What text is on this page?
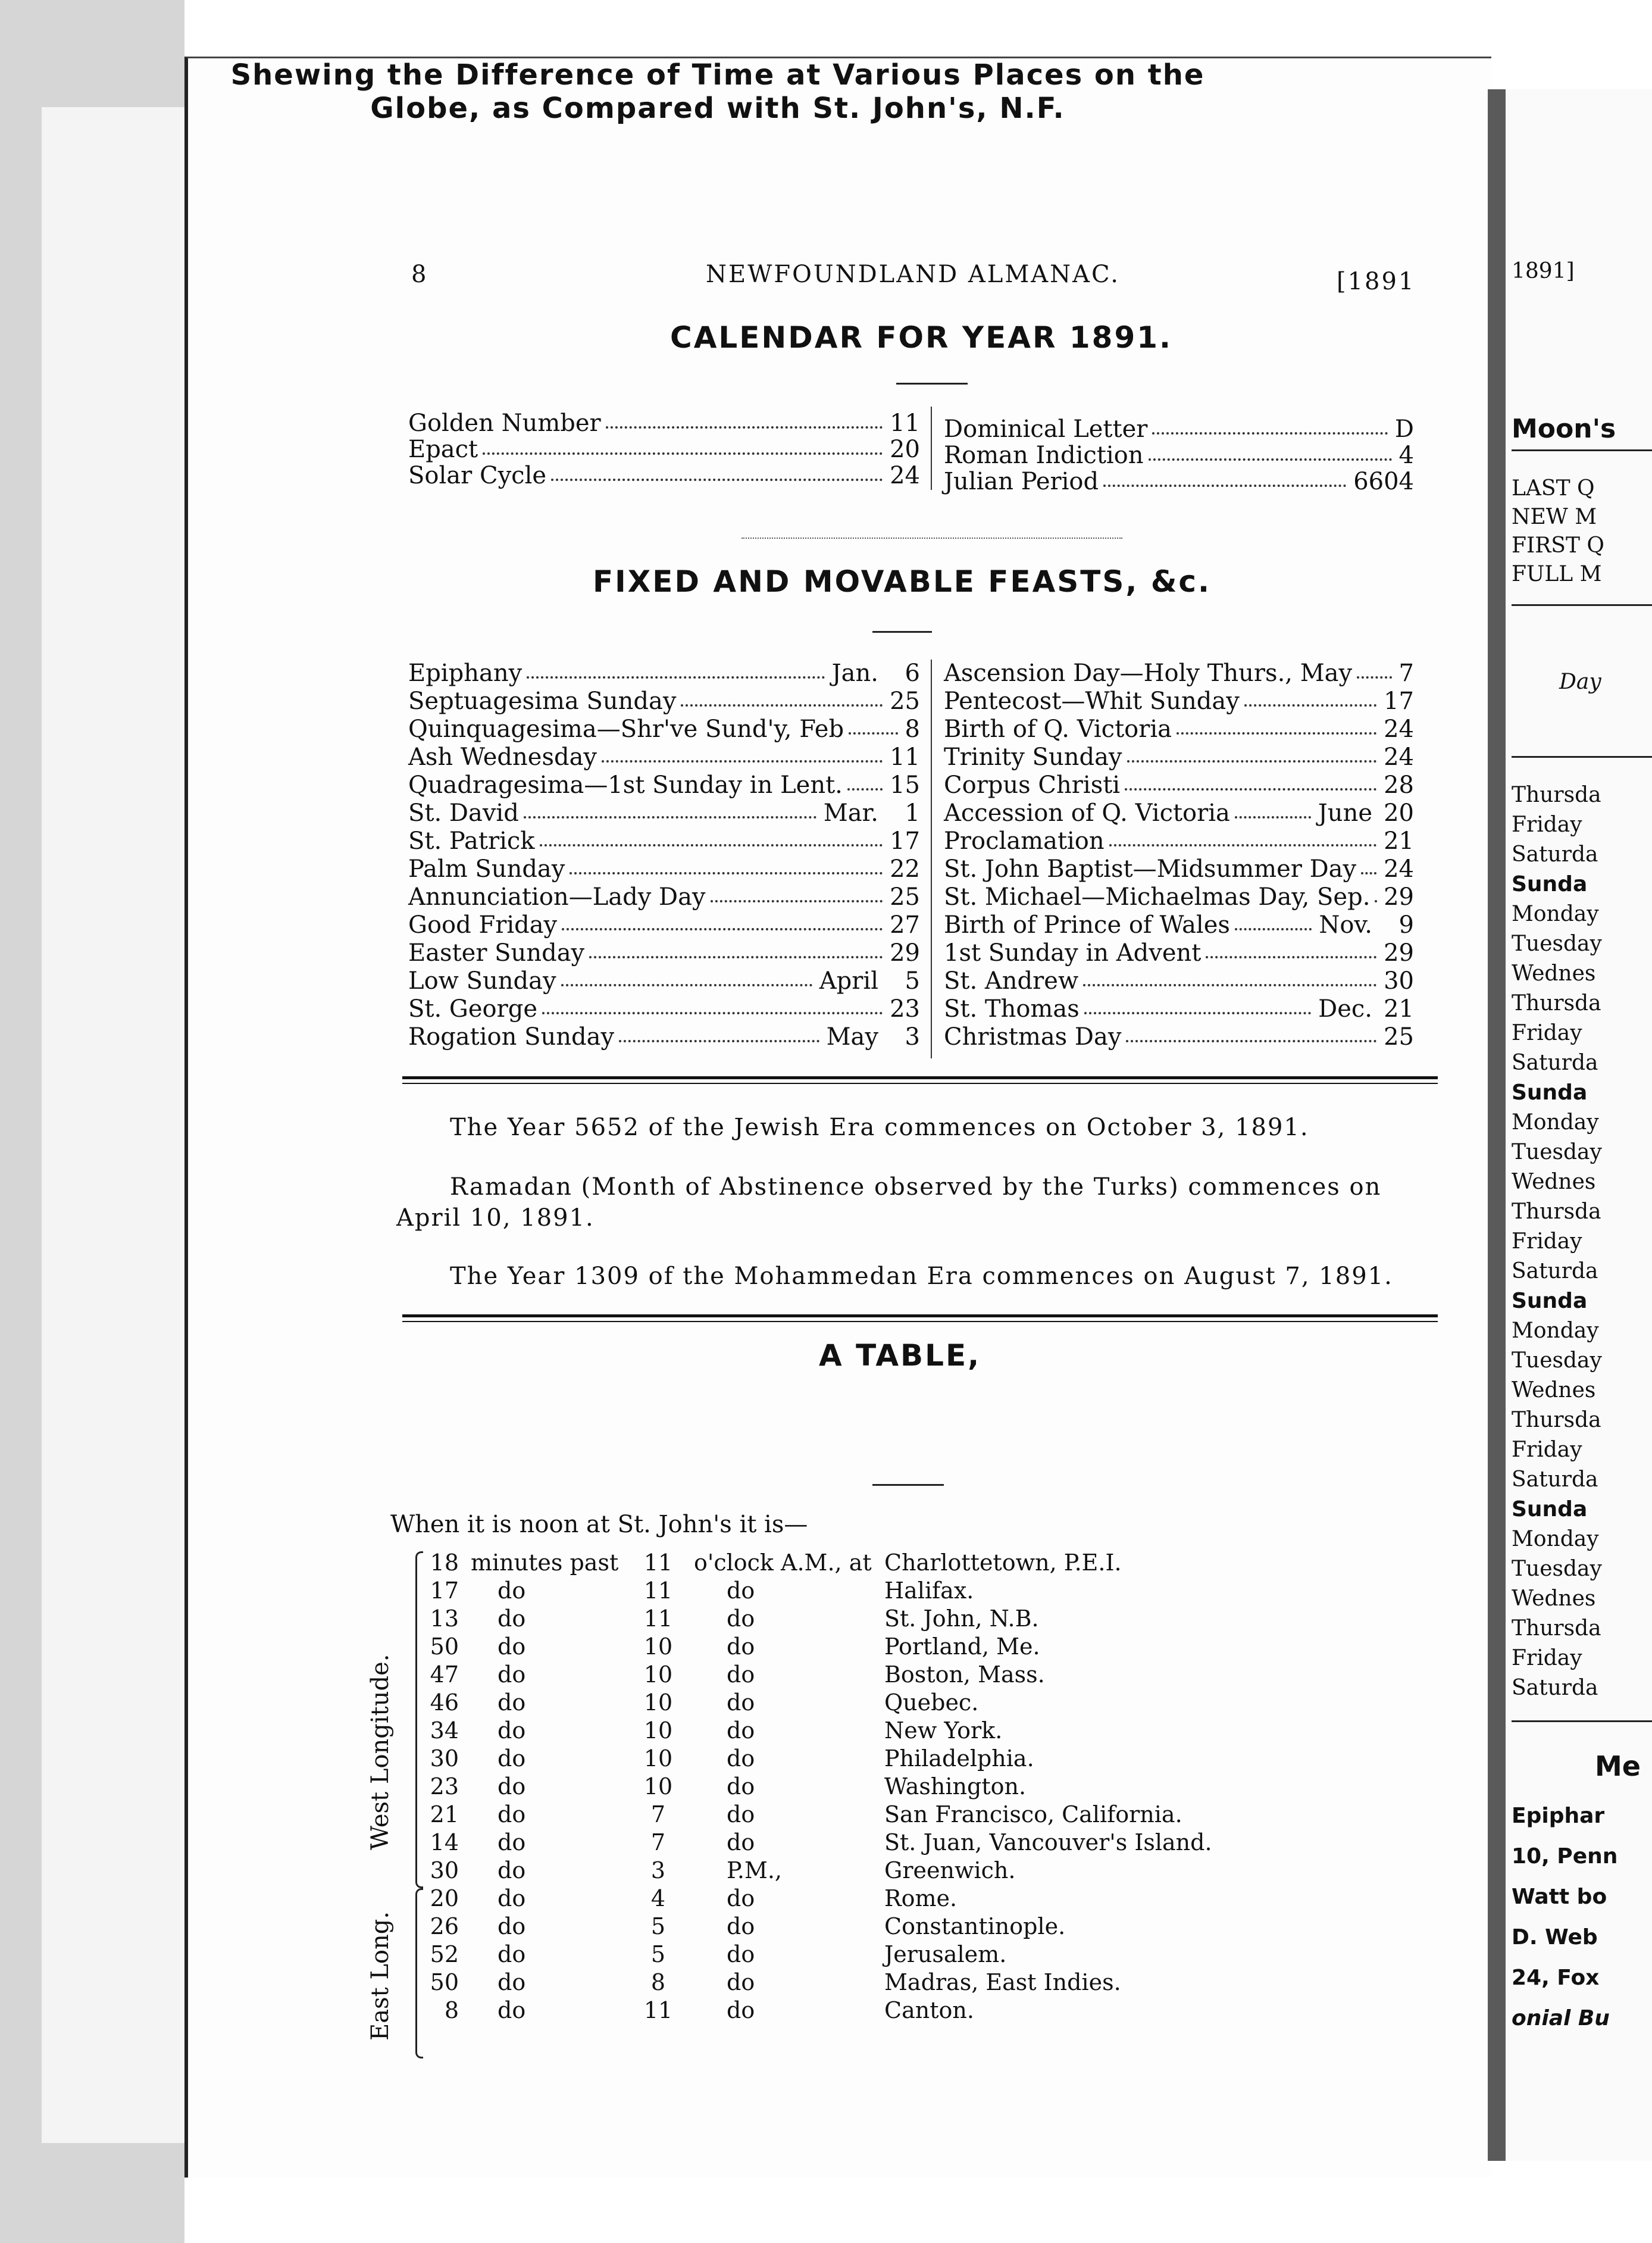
8	NEWFOUNDLAND ALMANAC.	[1891
CALENDAR FOR YEAR 1891.
Golden Number	11
Epact	20
Solar Cycle	24
Dominical Letter	D
Roman Indiction	4
Julian Period	6604
FIXED AND MOVABLE FEASTS, &c.
Epiphany	Jan. 6
Septuagesima Sunday	25
Quinquagesima—Shr've Sund'y, Feb	8
Ash Wednesday	11
Quadragesima—1st Sunday in Lent. 15
St. David	Mar. 1
St. Patrick	17
Palm Sunday	22
Annunciation—Lady Day	25
Good Friday	27
Easter Sunday	29
Low Sunday	April 5
St. George	23
Rogation Sunday	May 3
Ascension Day—Holy Thurs., May 7
Pentecost—Whit Sunday	17
Birth of Q. Victoria	24
Trinity Sunday	24
Corpus Christi	28
Accession of Q. Victoria	June 20
Proclamation	21
St. John Baptist—Midsummer Day 24
St. Michael—Michaelmas Day, Sep. 29
Birth of Prince of Wales	Nov. 9
1st Sunday in Advent	29
St. Andrew	30
St. Thomas	Dec. 21
Christmas Day	25
The Year 5652 of the Jewish Era commences on October 3, 1891.
Ramadan (Month of Abstinence observed by the Turks) commences on
April 10, 1891.
The Year 1309 of the Mohammedan Era commences on August 7, 1891.
A TABLE,
Shewing the Difference of Time at Various Places on the Globe, as Compared with St. John's, N.F.
When it is noon at St. John's it is—
West Longitude.
East Long.
18 minutes past 11 o'clock A.M., at Charlottetown, P.E.I.
17 do	11 do	Halifax.
13 do	11 do	St. John, N.B.
50 do	10 do	Portland, Me.
47 do	10 do	Boston, Mass.
46 do	10 do	Quebec.
34 do	10 do	New York.
30 do	10 do	Philadelphia.
23 do	10 do	Washington.
21 do	7	do	San Francisco, California.
14 do	7	do	St. Juan, Vancouver's Island.
30 do	3	P.M.,	Greenwich.
20 do	4	do	Rome.
26 do	5	do	Constantinople.
52 do	5	do	Jerusalem.
50 do	8	do	Madras, East Indies.
8 do	11 do	Canton.
1891]
Moon's
LAST Q
NEW M
FIRST Q
FULL M
Day
Thursda
Friday
Saturda
Sunda
Monday
Tuesday
Wednes
Thursda
Friday
Saturda
Sunda
Monday
Tuesday
Wednes
Thursda
Friday
Saturda
Sunda
Monday
Tuesday
Wednes
Thursda
Friday
Saturda
Sunda
Monday
Tuesday
Wednes
Thursda
Friday
Saturda
Me
Epiphar
10, Penn
Watt bo
D. Web
24, Fox
onial Bu
